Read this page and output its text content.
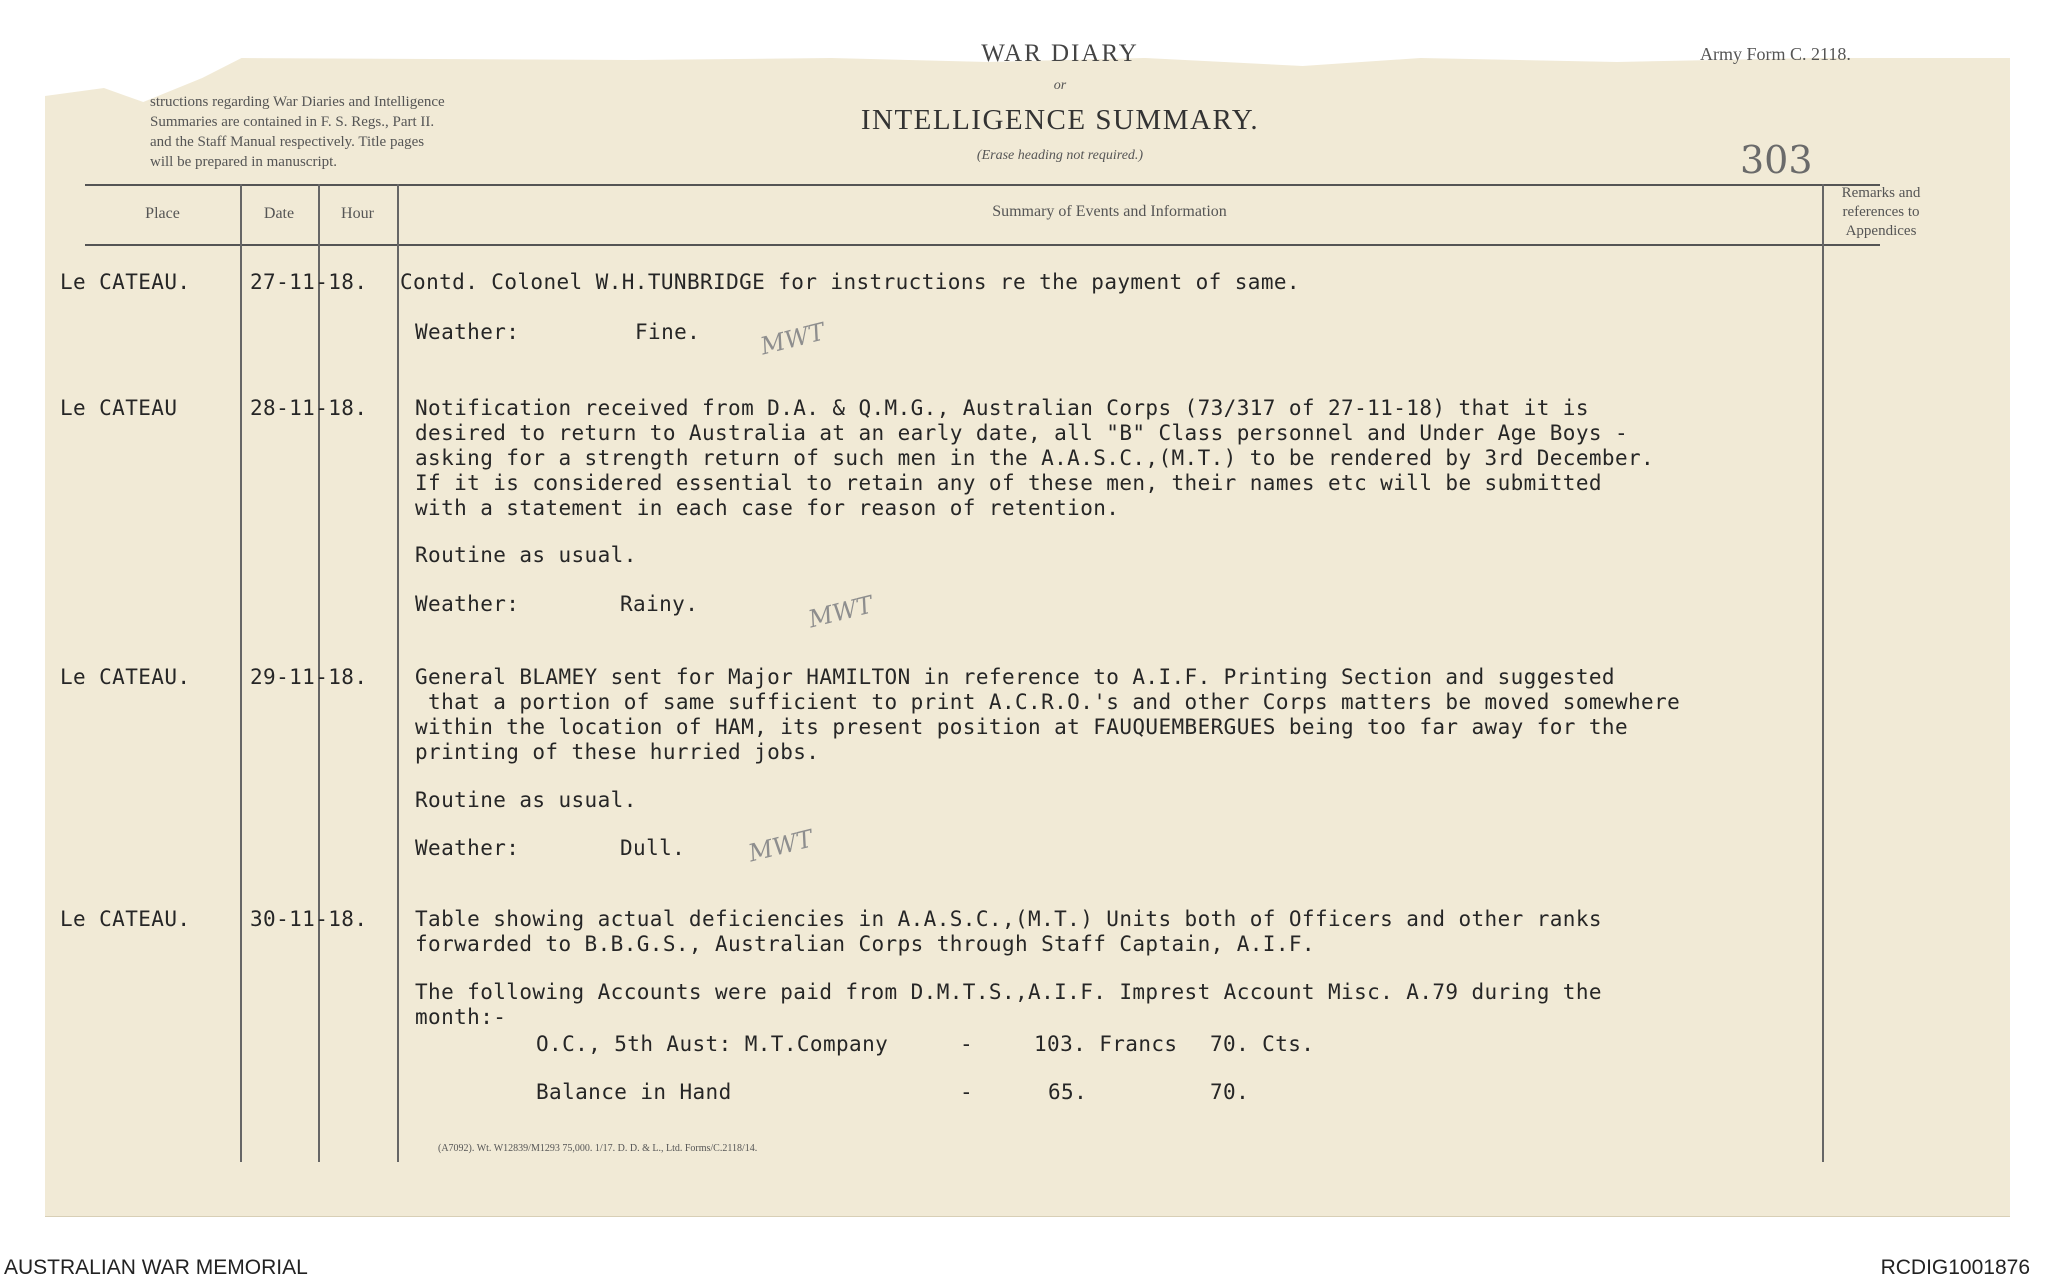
structions regarding War Diaries and Intelligence
Summaries are contained in F. S. Regs., Part II.
and the Staff Manual respectively. Title pages
will be prepared in manuscript.
WAR DIARY
or
INTELLIGENCE SUMMARY.
(Erase heading not required.)
Army Form C. 2118.
303
Place	Date	Hour	Summary of Events and Information
Remarks and
references to
Appendices
Le CATEAU.	27-11-18.	Contd. Colonel W.H.TUNBRIDGE for instructions re the payment of same.
Weather:	Fine. MWT
Le CATEAU	28-11-18.	Notification received from D.A. & Q.M.G., Australian Corps (73/317 of 27-11-18) that it is
desired to return to Australia at an early date, all "B" Class personnel and Under Age Boys -
asking for a strength return of such men in the A.A.S.C.,(M.T.) to be rendered by 3rd December.
If it is considered essential to retain any of these men, their names etc will be submitted
with a statement in each case for reason of retention.
Routine as usual.
Weather:	Rainy.	MWT
Le CATEAU.	29-11-18.	General BLAMEY sent for Major HAMILTON in reference to A.I.F. Printing Section and suggested
that a portion of same sufficient to print A.C.R.O.'s and other Corps matters be moved somewhere
within the location of HAM, its present position at FAUQUEMBERGUES being too far away for the
printing of these hurried jobs.
Routine as usual.
Weather:	Dull.	MWT
Le CATEAU.	30-11-18.	Table showing actual deficiencies in A.A.S.C.,(M.T.) Units both of Officers and other ranks
forwarded to B.B.G.S., Australian Corps through Staff Captain, A.I.F.
The following Accounts were paid from D.M.T.S.,A.I.F. Imprest Account Misc. A.79 during the
month:-
O.C., 5th Aust: M.T.Company	-	103. Francs 70. Cts.
Balance in Hand	-	65.	70.
(A7092). Wt. W12839/M1293 75,000. 1/17. D. D. & L., Ltd. Forms/C.2118/14.
AUSTRALIAN WAR MEMORIAL	RCDIG1001876
